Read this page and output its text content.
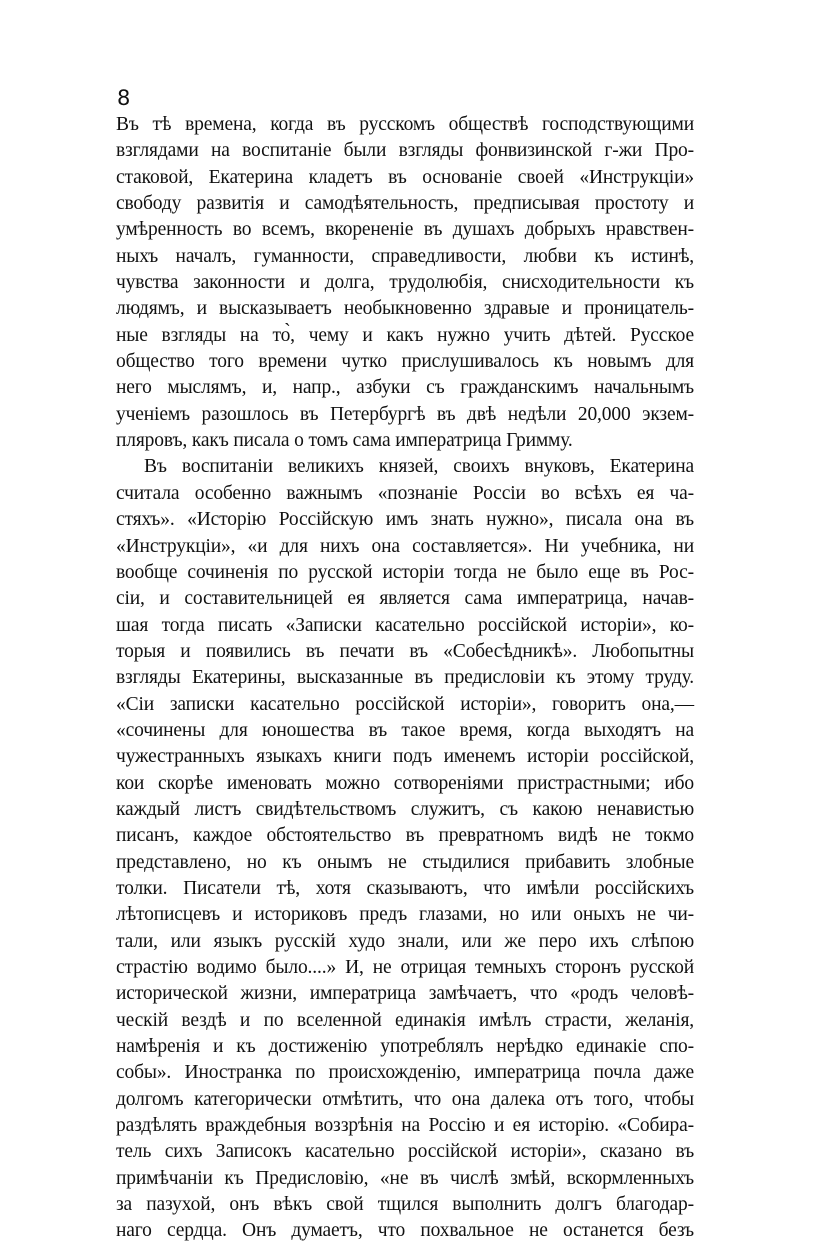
8
Въ тѣ времена, когда въ русскомъ обществѣ господствующими
взглядами на воспитаніе были взгляды фонвизинской г-жи Про-
стаковой, Екатерина кладетъ въ основаніе своей «Инструкціи»
свободу развитія и самодѣятельность, предписывая простоту и
умѣренность во всемъ, вкорененіе въ душахъ добрыхъ нравствен-
ныхъ началъ, гуманности, справедливости, любви къ истинѣ,
чувства законности и долга, трудолюбія, снисходительности къ
людямъ, и высказываетъ необыкновенно здравые и проницатель-
ные взгляды на то̀, чему и какъ нужно учить дѣтей. Русское
общество того времени чутко прислушивалось къ новымъ для
него мыслямъ, и, напр., азбуки съ гражданскимъ начальнымъ
ученіемъ разошлось въ Петербургѣ въ двѣ недѣли 20,000 экзем-
пляровъ, какъ писала о томъ сама императрица Гримму.
Въ воспитаніи великихъ князей, своихъ внуковъ, Екатерина
считала особенно важнымъ «познаніе Россіи во всѣхъ ея ча-
стяхъ». «Исторію Россійскую имъ знать нужно», писала она въ
«Инструкціи», «и для нихъ она составляется». Ни учебника, ни
вообще сочиненія по русской исторіи тогда не было еще въ Рос-
сіи, и составительницей ея является сама императрица, начав-
шая тогда писать «Записки касательно россійской исторіи», ко-
торыя и появились въ печати въ «Собесѣдникѣ». Любопытны
взгляды Екатерины, высказанные въ предисловіи къ этому труду.
«Сіи записки касательно россійской исторіи», говоритъ она,—
«сочинены для юношества въ такое время, когда выходятъ на
чужестранныхъ языкахъ книги подъ именемъ исторіи россійской,
кои скорѣе именовать можно сотвореніями пристрастными; ибо
каждый листъ свидѣтельствомъ служитъ, съ какою ненавистью
писанъ, каждое обстоятельство въ превратномъ видѣ не токмо
представлено, но къ онымъ не стыдилися прибавить злобные
толки. Писатели тѣ, хотя сказываютъ, что имѣли россійскихъ
лѣтописцевъ и историковъ предъ глазами, но или оныхъ не чи-
тали, или языкъ русскій худо знали, или же перо ихъ слѣпою
страстію водимо было....» И, не отрицая темныхъ сторонъ русской
исторической жизни, императрица замѣчаетъ, что «родъ человѣ-
ческій вездѣ и по вселенной единакія имѣлъ страсти, желанія,
намѣренія и къ достиженію употреблялъ нерѣдко единакіе спо-
собы». Иностранка по происхожденію, императрица почла даже
долгомъ категорически отмѣтить, что она далека отъ того, чтобы
раздѣлять враждебныя воззрѣнія на Россію и ея исторію. «Собира-
тель сихъ Записокъ касательно россійской исторіи», сказано въ
примѣчаніи къ Предисловію, «не въ числѣ змѣй, вскормленныхъ
за пазухой, онъ вѣкъ свой тщился выполнить долгъ благодар-
наго сердца. Онъ думаетъ, что похвальное не останется безъ
